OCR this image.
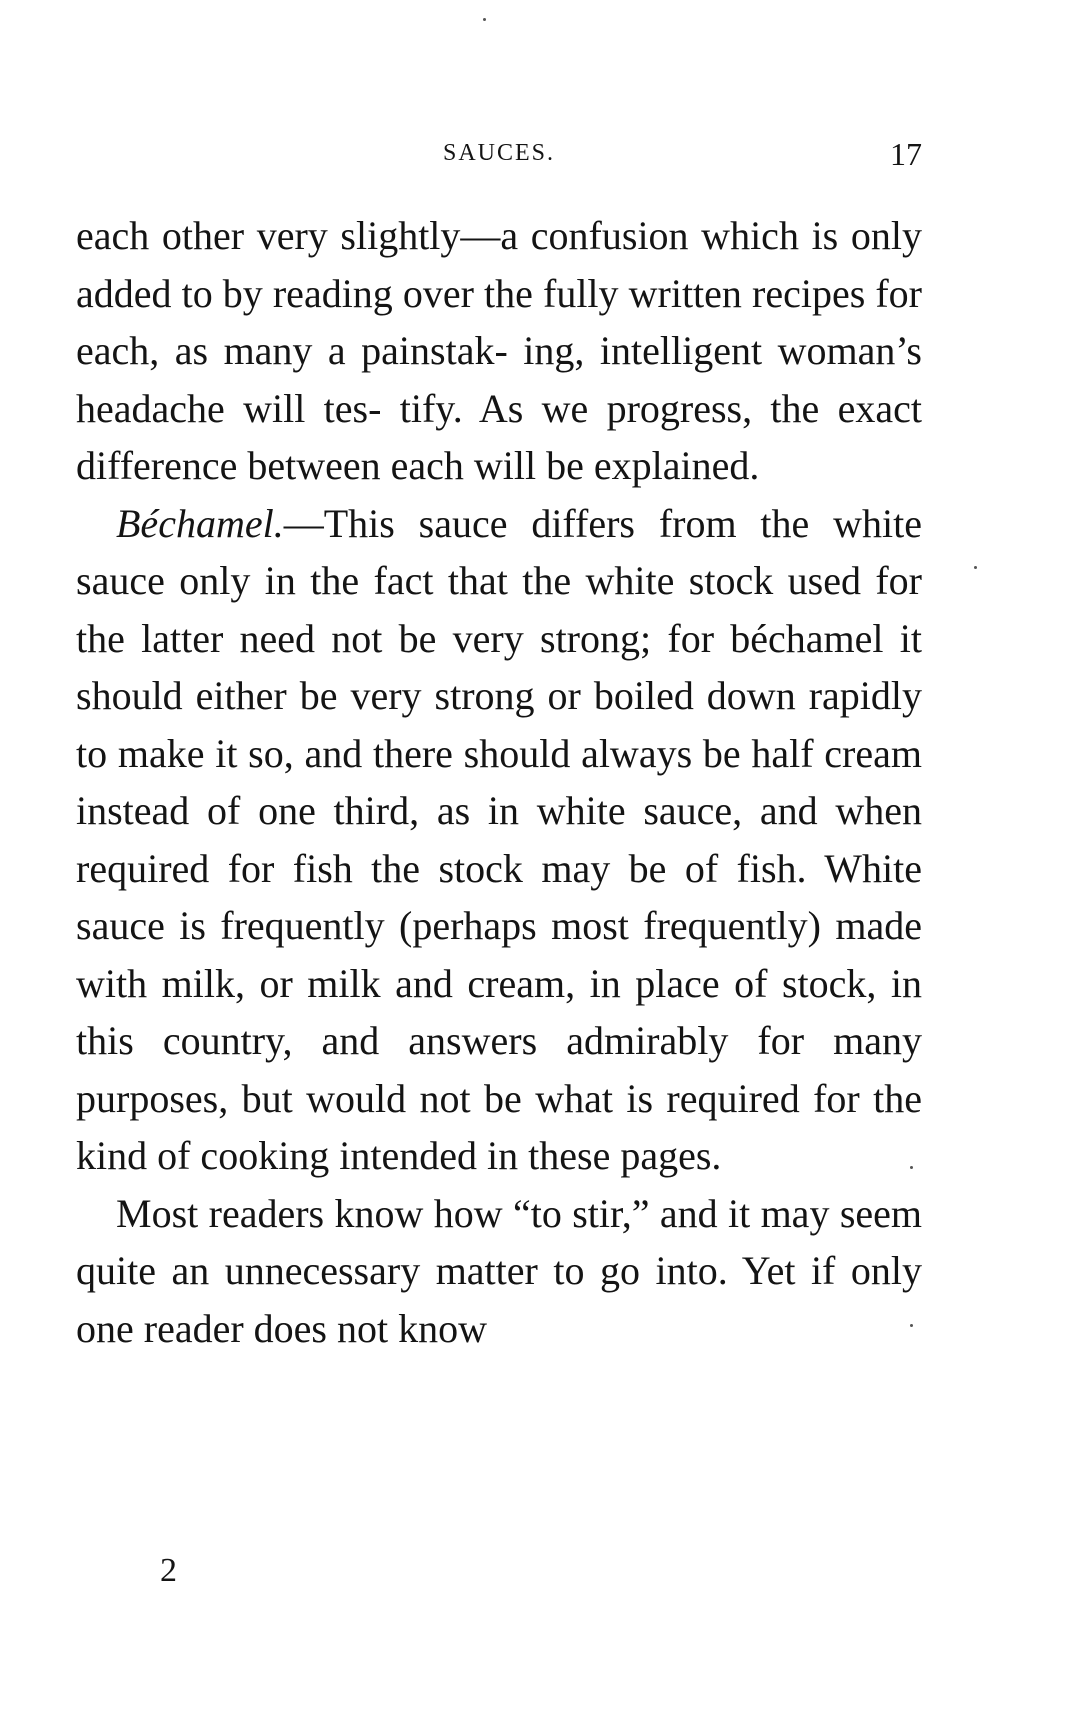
SAUCES.	17

each other very slightly—a confusion which is only added to by reading over the fully written recipes for each, as many a painstak- ing, intelligent woman’s headache will tes- tify. As we progress, the exact difference between each will be explained.

Béchamel.—This sauce differs from the white sauce only in the fact that the white stock used for the latter need not be very strong; for béchamel it should either be very strong or boiled down rapidly to make it so, and there should always be half cream instead of one third, as in white sauce, and when required for fish the stock may be of fish. White sauce is frequently (perhaps most frequently) made with milk, or milk and cream, in place of stock, in this country, and answers admirably for many purposes, but would not be what is required for the kind of cooking intended in these pages.

Most readers know how “to stir,” and it may seem quite an unnecessary matter to go into. Yet if only one reader does not know

2
